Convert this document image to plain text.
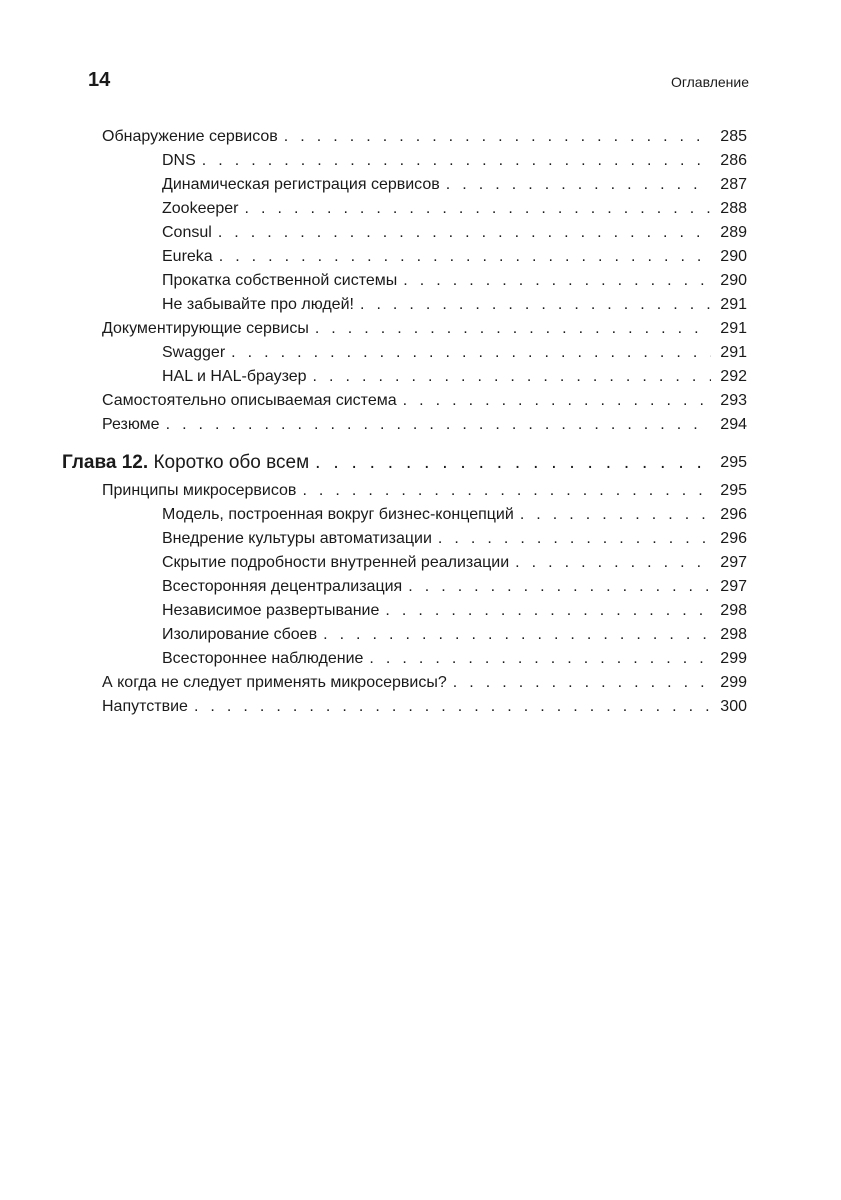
14	Оглавление
Обнаружение сервисов . . .	285
DNS . . .	286
Динамическая регистрация сервисов . . .	287
Zookeeper . . .	288
Consul . . .	289
Eureka . . .	290
Прокатка собственной системы . . .	290
Не забывайте про людей! . . .	291
Документирующие сервисы . . .	291
Swagger . . .	291
HAL и HAL-браузер . . .	292
Самостоятельно описываемая система . . .	293
Резюме . . .	294
Глава 12. Коротко обо всем . . .	295
Принципы микросервисов . . .	295
Модель, построенная вокруг бизнес-концепций . . .	296
Внедрение культуры автоматизации . . .	296
Скрытие подробности внутренней реализации . . .	297
Всесторонняя децентрализация . . .	297
Независимое развертывание . . .	298
Изолирование сбоев . . .	298
Всестороннее наблюдение . . .	299
А когда не следует применять микросервисы? . . .	299
Напутствие . . .	300
